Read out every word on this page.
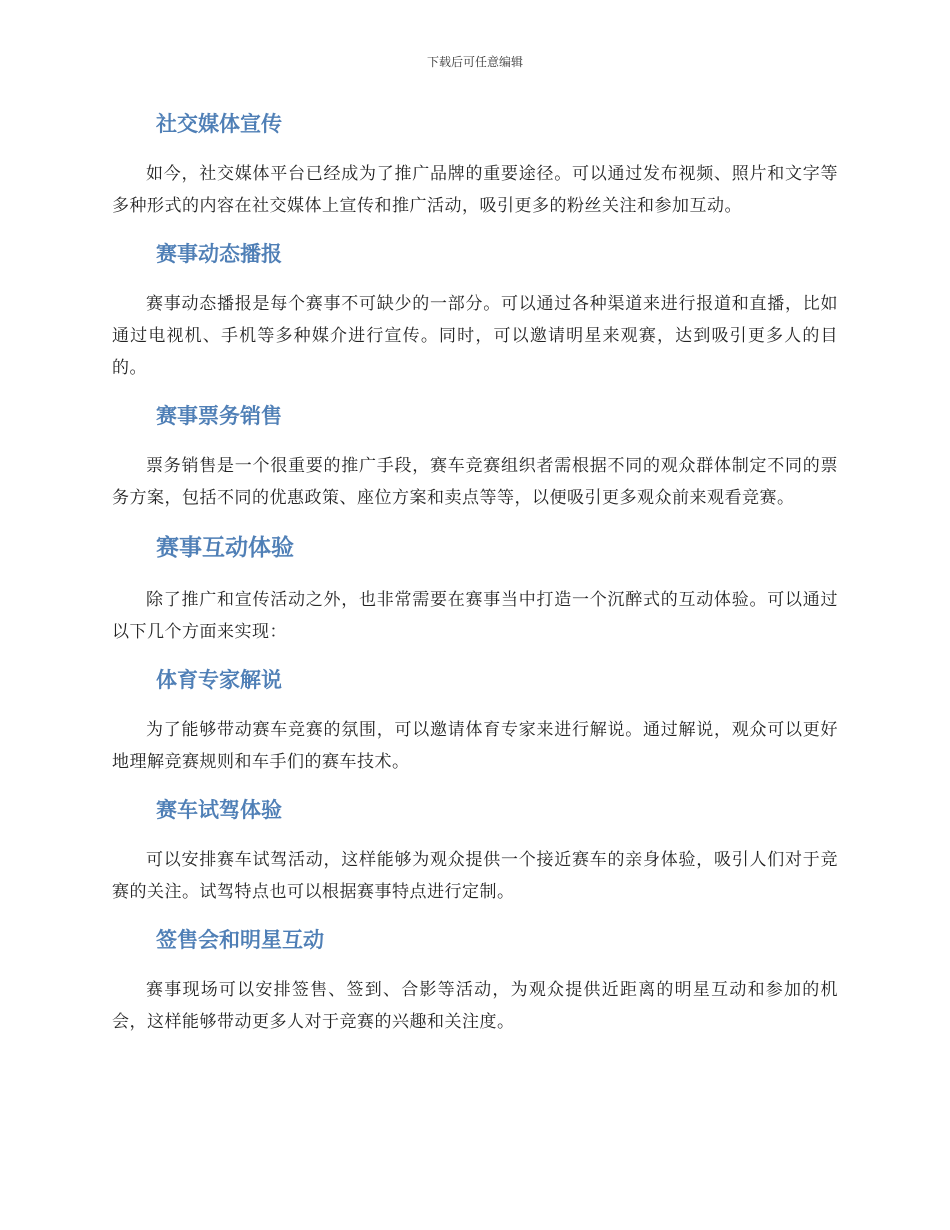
下载后可任意编辑
社交媒体宣传

如今，社交媒体平台已经成为了推广品牌的重要途径。可以通过发布视频、照片和文字等多种形式的内容在社交媒体上宣传和推广活动，吸引更多的粉丝关注和参加互动。

赛事动态播报

赛事动态播报是每个赛事不可缺少的一部分。可以通过各种渠道来进行报道和直播，比如通过电视机、手机等多种媒介进行宣传。同时，可以邀请明星来观赛，达到吸引更多人的目的。

赛事票务销售

票务销售是一个很重要的推广手段，赛车竞赛组织者需根据不同的观众群体制定不同的票务方案，包括不同的优惠政策、座位方案和卖点等等，以便吸引更多观众前来观看竞赛。

赛事互动体验

除了推广和宣传活动之外，也非常需要在赛事当中打造一个沉醉式的互动体验。可以通过以下几个方面来实现：

体育专家解说

为了能够带动赛车竞赛的氛围，可以邀请体育专家来进行解说。通过解说，观众可以更好地理解竞赛规则和车手们的赛车技术。

赛车试驾体验

可以安排赛车试驾活动，这样能够为观众提供一个接近赛车的亲身体验，吸引人们对于竞赛的关注。试驾特点也可以根据赛事特点进行定制。

签售会和明星互动

赛事现场可以安排签售、签到、合影等活动，为观众提供近距离的明星互动和参加的机会，这样能够带动更多人对于竞赛的兴趣和关注度。
